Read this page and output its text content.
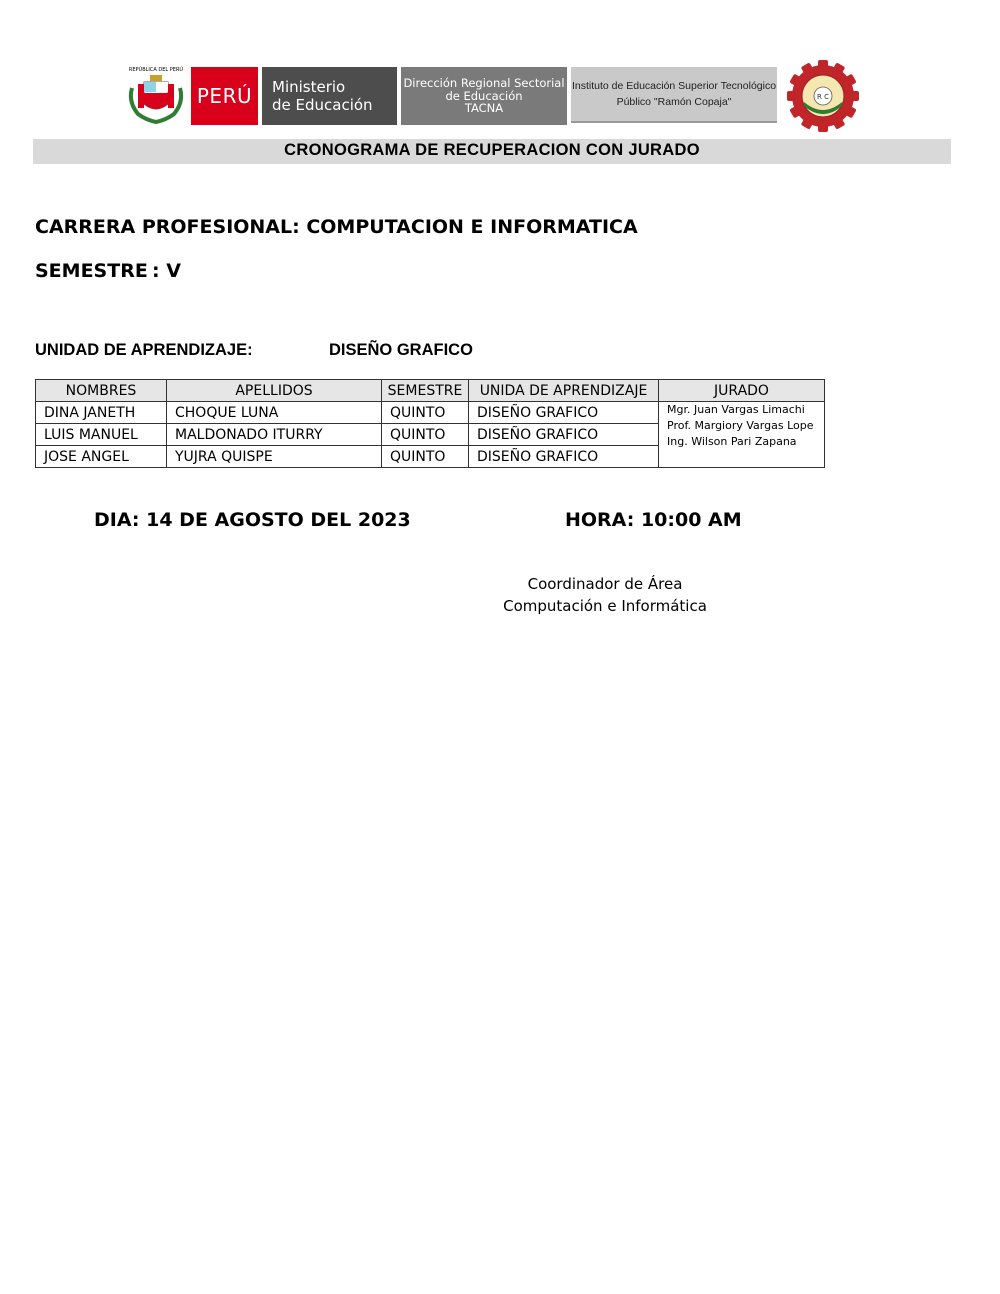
REPÚBLICA DEL PERÚ
PERÚ Ministerio
de Educación
Dirección Regional Sectorial
de Educación
TACNA
Instituto de Educación Superior Tecnológico
Público "Ramón Copaja"	R C
CRONOGRAMA DE RECUPERACION CON JURADO
CARRERA PROFESIONAL: COMPUTACION E INFORMATICA
SEMESTRE : V
UNIDAD DE APRENDIZAJE:	DISEÑO GRAFICO
NOMBRES	APELLIDOS	SEMESTRE	UNIDA DE APRENDIZAJE	JURADO
DINA JANETH	CHOQUE LUNA	QUINTO	DISEÑO GRAFICO	Mgr. Juan Vargas Limachi
Prof. Margiory Vargas Lope
Ing. Wilson Pari Zapana

LUIS MANUEL	MALDONADO ITURRY	QUINTO	DISEÑO GRAFICO	
JOSE ANGEL	YUJRA QUISPE	QUINTO	DISEÑO GRAFICO	
DIA: 14 DE AGOSTO DEL 2023	HORA: 10:00 AM
Coordinador de Área
Computación e Informática
